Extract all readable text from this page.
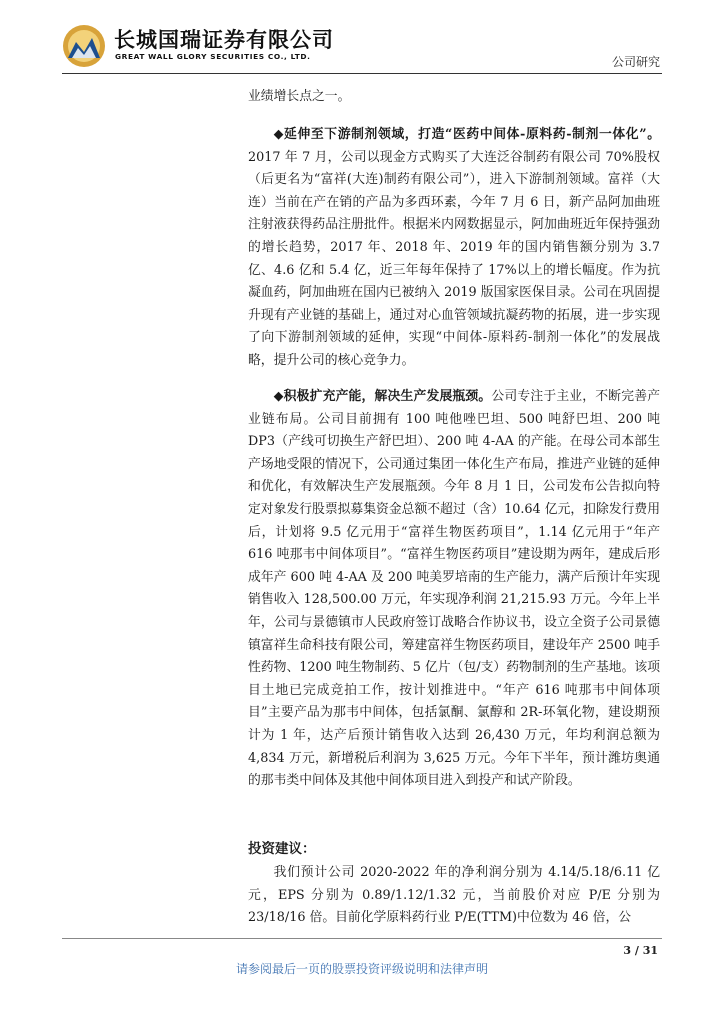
长城国瑞证券有限公司
GREAT WALL GLORY SECURITIES CO., LTD.	公司研究

业绩增长点之一。

◆延伸至下游制剂领域，打造“医药中间体-原料药-制剂一体化”。2017 年 7 月，公司以现金方式购买了大连泛谷制药有限公司 70%股权（后更名为“富祥(大连)制药有限公司”），进入下游制剂领域。富祥（大连）当前在产在销的产品为多西环素，今年 7 月 6 日，新产品阿加曲班注射液获得药品注册批件。根据米内网数据显示，阿加曲班近年保持强劲的增长趋势，2017 年、2018 年、2019 年的国内销售额分别为 3.7 亿、4.6 亿和 5.4 亿，近三年每年保持了 17%以上的增长幅度。作为抗凝血药，阿加曲班在国内已被纳入 2019 版国家医保目录。公司在巩固提升现有产业链的基础上，通过对心血管领域抗凝药物的拓展，进一步实现了向下游制剂领域的延伸，实现“中间体-原料药-制剂一体化”的发展战略，提升公司的核心竞争力。

◆积极扩充产能，解决生产发展瓶颈。公司专注于主业，不断完善产业链布局。公司目前拥有 100 吨他唑巴坦、500 吨舒巴坦、200 吨 DP3（产线可切换生产舒巴坦）、200 吨 4-AA 的产能。在母公司本部生产场地受限的情况下，公司通过集团一体化生产布局，推进产业链的延伸和优化，有效解决生产发展瓶颈。今年 8 月 1 日，公司发布公告拟向特定对象发行股票拟募集资金总额不超过（含）10.64 亿元，扣除发行费用后，计划将 9.5 亿元用于“富祥生物医药项目”，1.14 亿元用于“年产 616 吨那韦中间体项目”。“富祥生物医药项目”建设期为两年，建成后形成年产 600 吨 4-AA 及 200 吨美罗培南的生产能力，满产后预计年实现销售收入 128,500.00 万元，年实现净利润 21,215.93 万元。今年上半年，公司与景德镇市人民政府签订战略合作协议书，设立全资子公司景德镇富祥生命科技有限公司，筹建富祥生物医药项目，建设年产 2500 吨手性药物、1200 吨生物制药、5 亿片（包/支）药物制剂的生产基地。该项目土地已完成竞拍工作，按计划推进中。“年产 616 吨那韦中间体项目”主要产品为那韦中间体，包括氯酮、氯醇和 2R-环氧化物，建设期预计为 1 年，达产后预计销售收入达到 26,430 万元，年均利润总额为 4,834 万元，新增税后利润为 3,625 万元。今年下半年，预计潍坊奥通的那韦类中间体及其他中间体项目进入到投产和试产阶段。

投资建议：

我们预计公司 2020-2022 年的净利润分别为 4.14/5.18/6.11 亿元，EPS 分别为 0.89/1.12/1.32 元，当前股价对应 P/E 分别为 23/18/16 倍。目前化学原料药行业 P/E(TTM)中位数为 46 倍，公

3 / 31
请参阅最后一页的股票投资评级说明和法律声明
